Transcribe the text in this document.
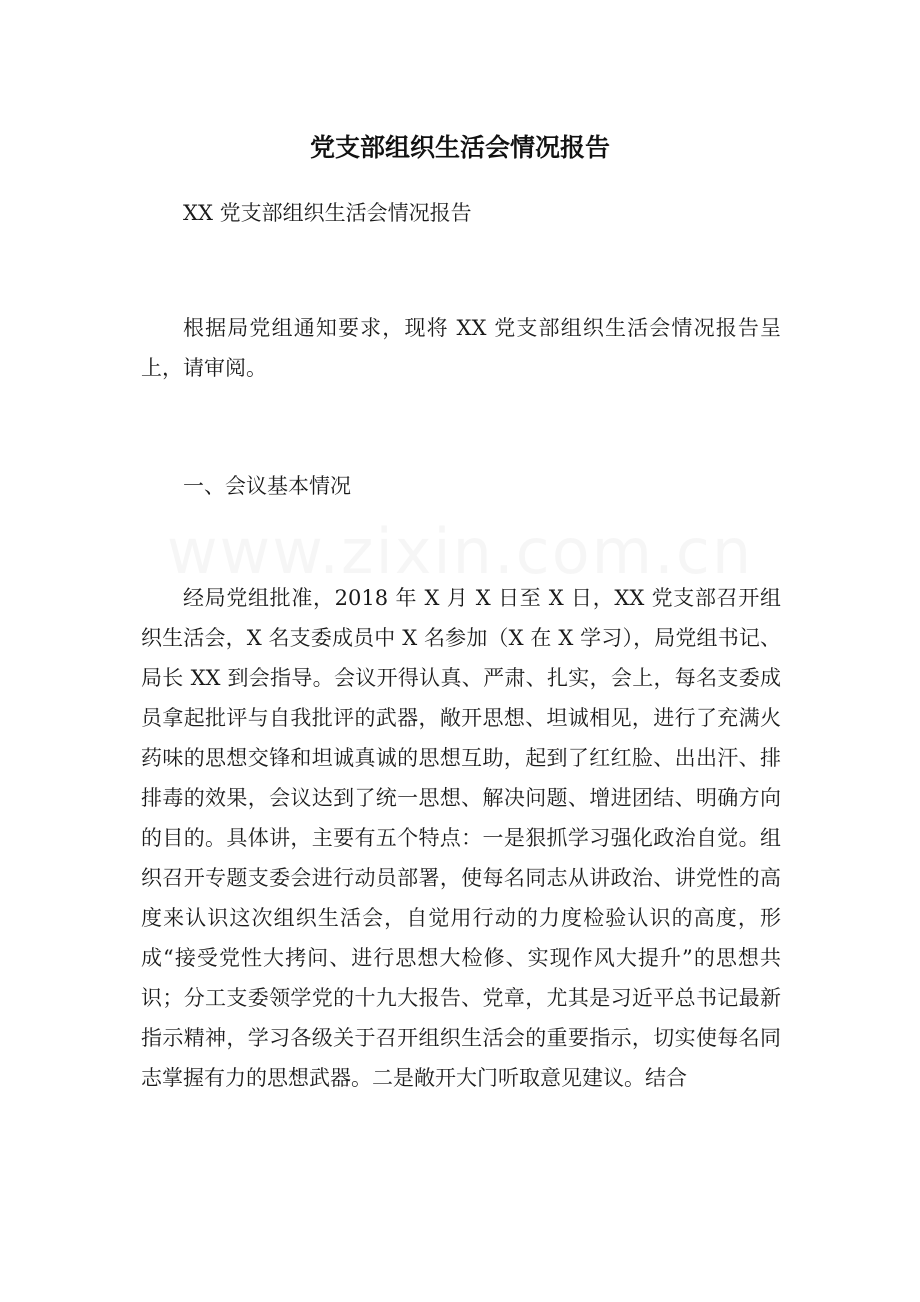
党支部组织生活会情况报告

XX 党支部组织生活会情况报告

根据局党组通知要求，现将 XX 党支部组织生活会情况报告呈上，请审阅。

一、会议基本情况

经局党组批准，2018 年 X 月 X 日至 X 日，XX 党支部召开组织生活会，X 名支委成员中 X 名参加（X 在 X 学习），局党组书记、局长 XX 到会指导。会议开得认真、严肃、扎实，会上，每名支委成员拿起批评与自我批评的武器，敞开思想、坦诚相见，进行了充满火药味的思想交锋和坦诚真诚的思想互助，起到了红红脸、出出汗、排排毒的效果，会议达到了统一思想、解决问题、增进团结、明确方向的目的。具体讲，主要有五个特点：一是狠抓学习强化政治自觉。组织召开专题支委会进行动员部署，使每名同志从讲政治、讲党性的高度来认识这次组织生活会，自觉用行动的力度检验认识的高度，形成“接受党性大拷问、进行思想大检修、实现作风大提升”的思想共识；分工支委领学党的十九大报告、党章，尤其是习近平总书记最新指示精神，学习各级关于召开组织生活会的重要指示，切实使每名同志掌握有力的思想武器。二是敞开大门听取意见建议。结合
